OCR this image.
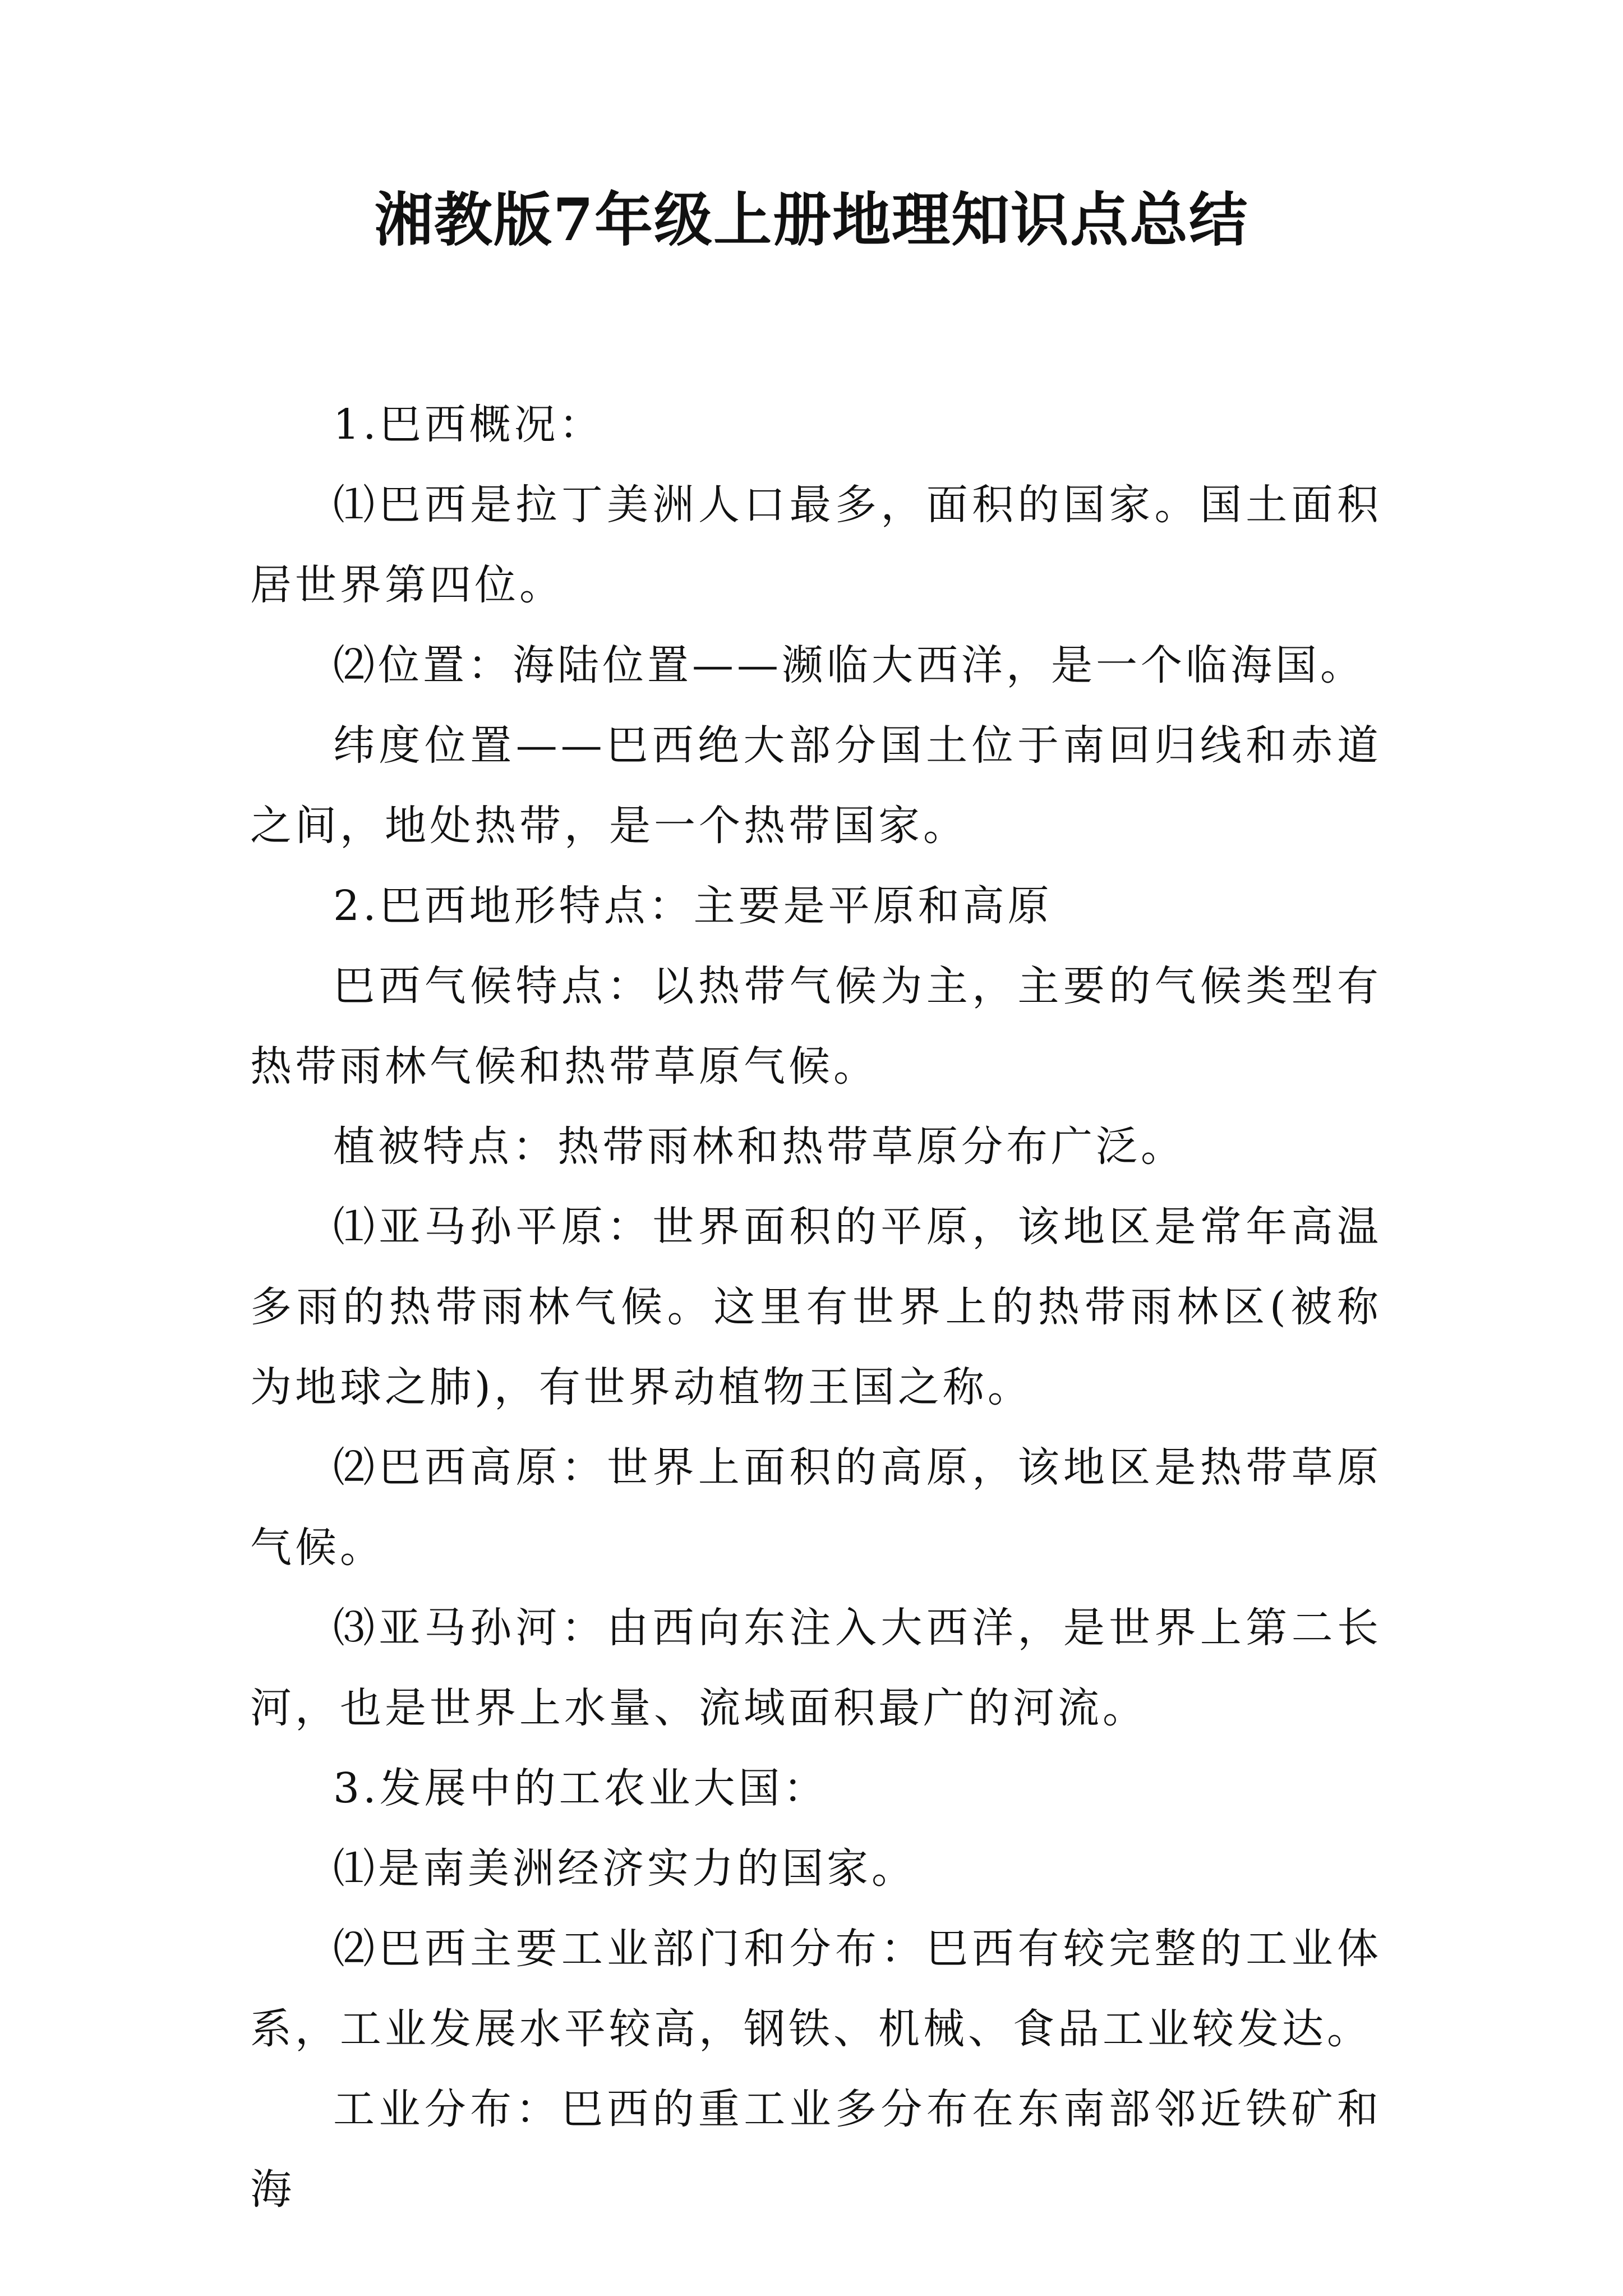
湘教版7年级上册地理知识点总结

1.巴西概况：

⑴巴西是拉丁美洲人口最多，面积的国家。国土面积居世界第四位。

⑵位置：海陆位置——濒临大西洋，是一个临海国。

纬度位置——巴西绝大部分国土位于南回归线和赤道之间，地处热带，是一个热带国家。

2.巴西地形特点：主要是平原和高原

巴西气候特点：以热带气候为主，主要的气候类型有热带雨林气候和热带草原气候。

植被特点：热带雨林和热带草原分布广泛。

⑴亚马孙平原：世界面积的平原，该地区是常年高温多雨的热带雨林气候。这里有世界上的热带雨林区(被称为地球之肺)，有世界动植物王国之称。

⑵巴西高原：世界上面积的高原，该地区是热带草原气候。

⑶亚马孙河：由西向东注入大西洋，是世界上第二长河，也是世界上水量、流域面积最广的河流。

3.发展中的工农业大国：

⑴是南美洲经济实力的国家。

⑵巴西主要工业部门和分布：巴西有较完整的工业体系，工业发展水平较高，钢铁、机械、食品工业较发达。

工业分布：巴西的重工业多分布在东南部邻近铁矿和海
